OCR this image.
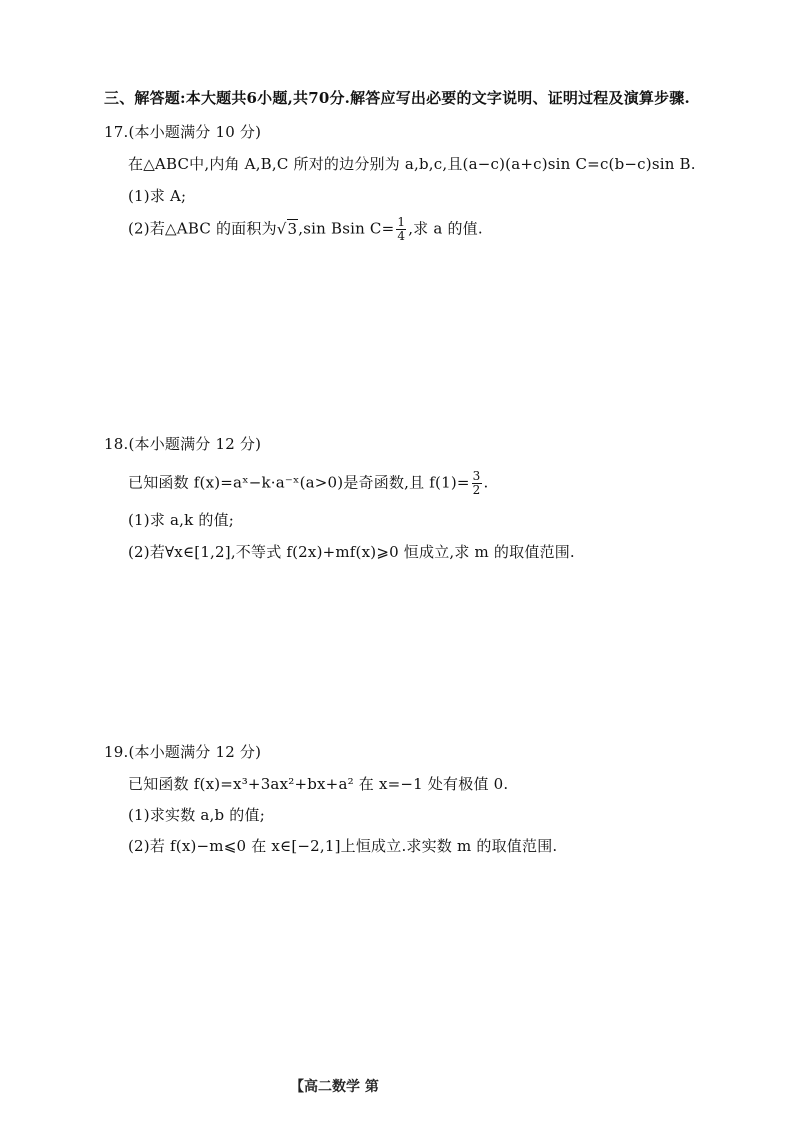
三、解答题:本大题共6小题,共70分.解答应写出必要的文字说明、证明过程及演算步骤.
17.(本小题满分 10 分)
在△ABC中,内角 A,B,C 所对的边分别为 a,b,c,且(a−c)(a+c)sin C=c(b−c)sin B.
(1)求 A;
(2)若△ABC 的面积为√3,sin Bsin $C= \frac{1}{4}$ ,求 a 的值.
18.(本小题满分 12 分)
已知函数 f(x)=aˣ−k·a⁻ˣ(a>0)是奇函数,且 $f(1)= \frac{3}{2}$ .
(1)求 a,k 的值;
(2)若∀x∈[1,2],不等式 f(2x)+mf(x)⩾0 恒成立,求 m 的取值范围.
19.(本小题满分 12 分)
已知函数 f(x)=x³+3ax²+bx+a² 在 x=−1 处有极值 0.
(1)求实数 a,b 的值;
(2)若 f(x)−m⩽0 在 x∈[−2,1]上恒成立.求实数 m 的取值范围.
【高二数学 第
